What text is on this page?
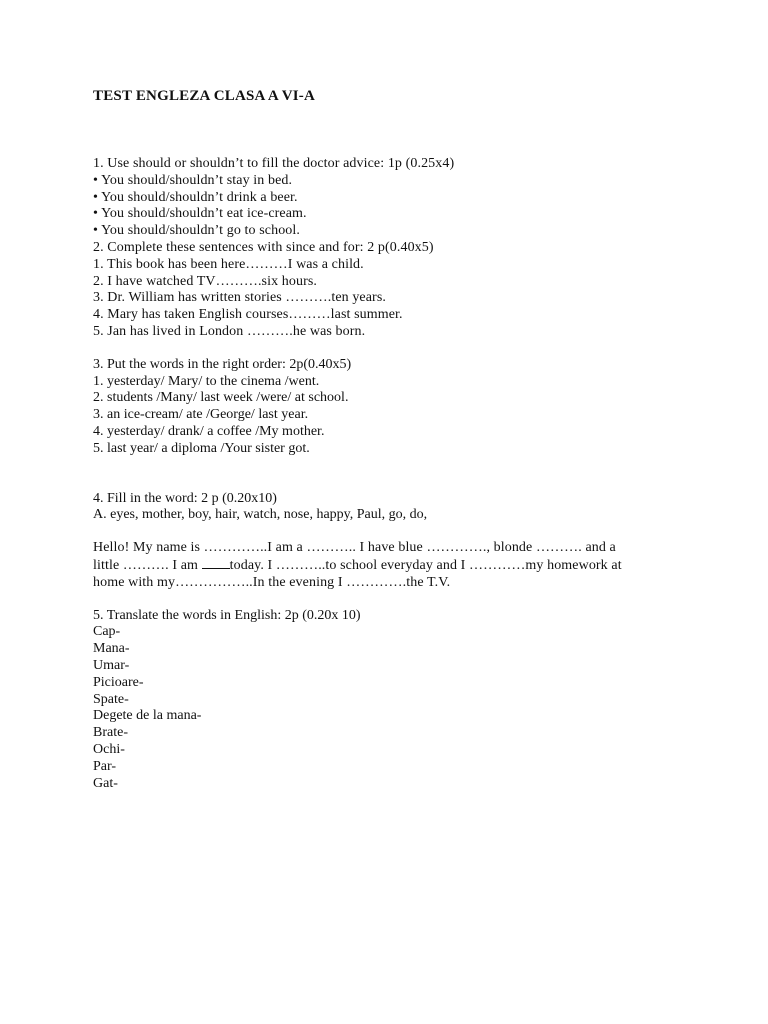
TEST ENGLEZA CLASA A VI-A

1. Use should or shouldn’t to fill the doctor advice: 1p (0.25x4)

• You should/shouldn’t stay in bed.

• You should/shouldn’t drink a beer.

• You should/shouldn’t eat ice-cream.

• You should/shouldn’t go to school.

2. Complete these sentences with since and for: 2 p(0.40x5)

1. This book has been here………I was a child.

2. I have watched TV……….six hours.

3. Dr. William has written stories ……….ten years.

4. Mary has taken English courses………last summer.

5. Jan has lived in London ……….he was born.

3. Put the words in the right order: 2p(0.40x5)

1. yesterday/ Mary/ to the cinema /went.

2. students /Many/ last week /were/ at school.

3. an ice-cream/ ate /George/ last year.

4. yesterday/ drank/ a coffee /My mother.

5. last year/ a diploma /Your sister got.

4. Fill in the word: 2 p (0.20x10)

A. eyes, mother, boy, hair, watch, nose, happy, Paul, go, do,

Hello! My name is …………..I am a ……….. I have blue …………., blonde ………. and a

little ………. I am today. I ………..to school everyday and I …………my homework at

home with my……………..In the evening I ………….the T.V.

5. Translate the words in English: 2p (0.20x 10)

Cap-

Mana-

Umar-

Picioare-

Spate-

Degete de la mana-

Brate-

Ochi-

Par-

Gat-
